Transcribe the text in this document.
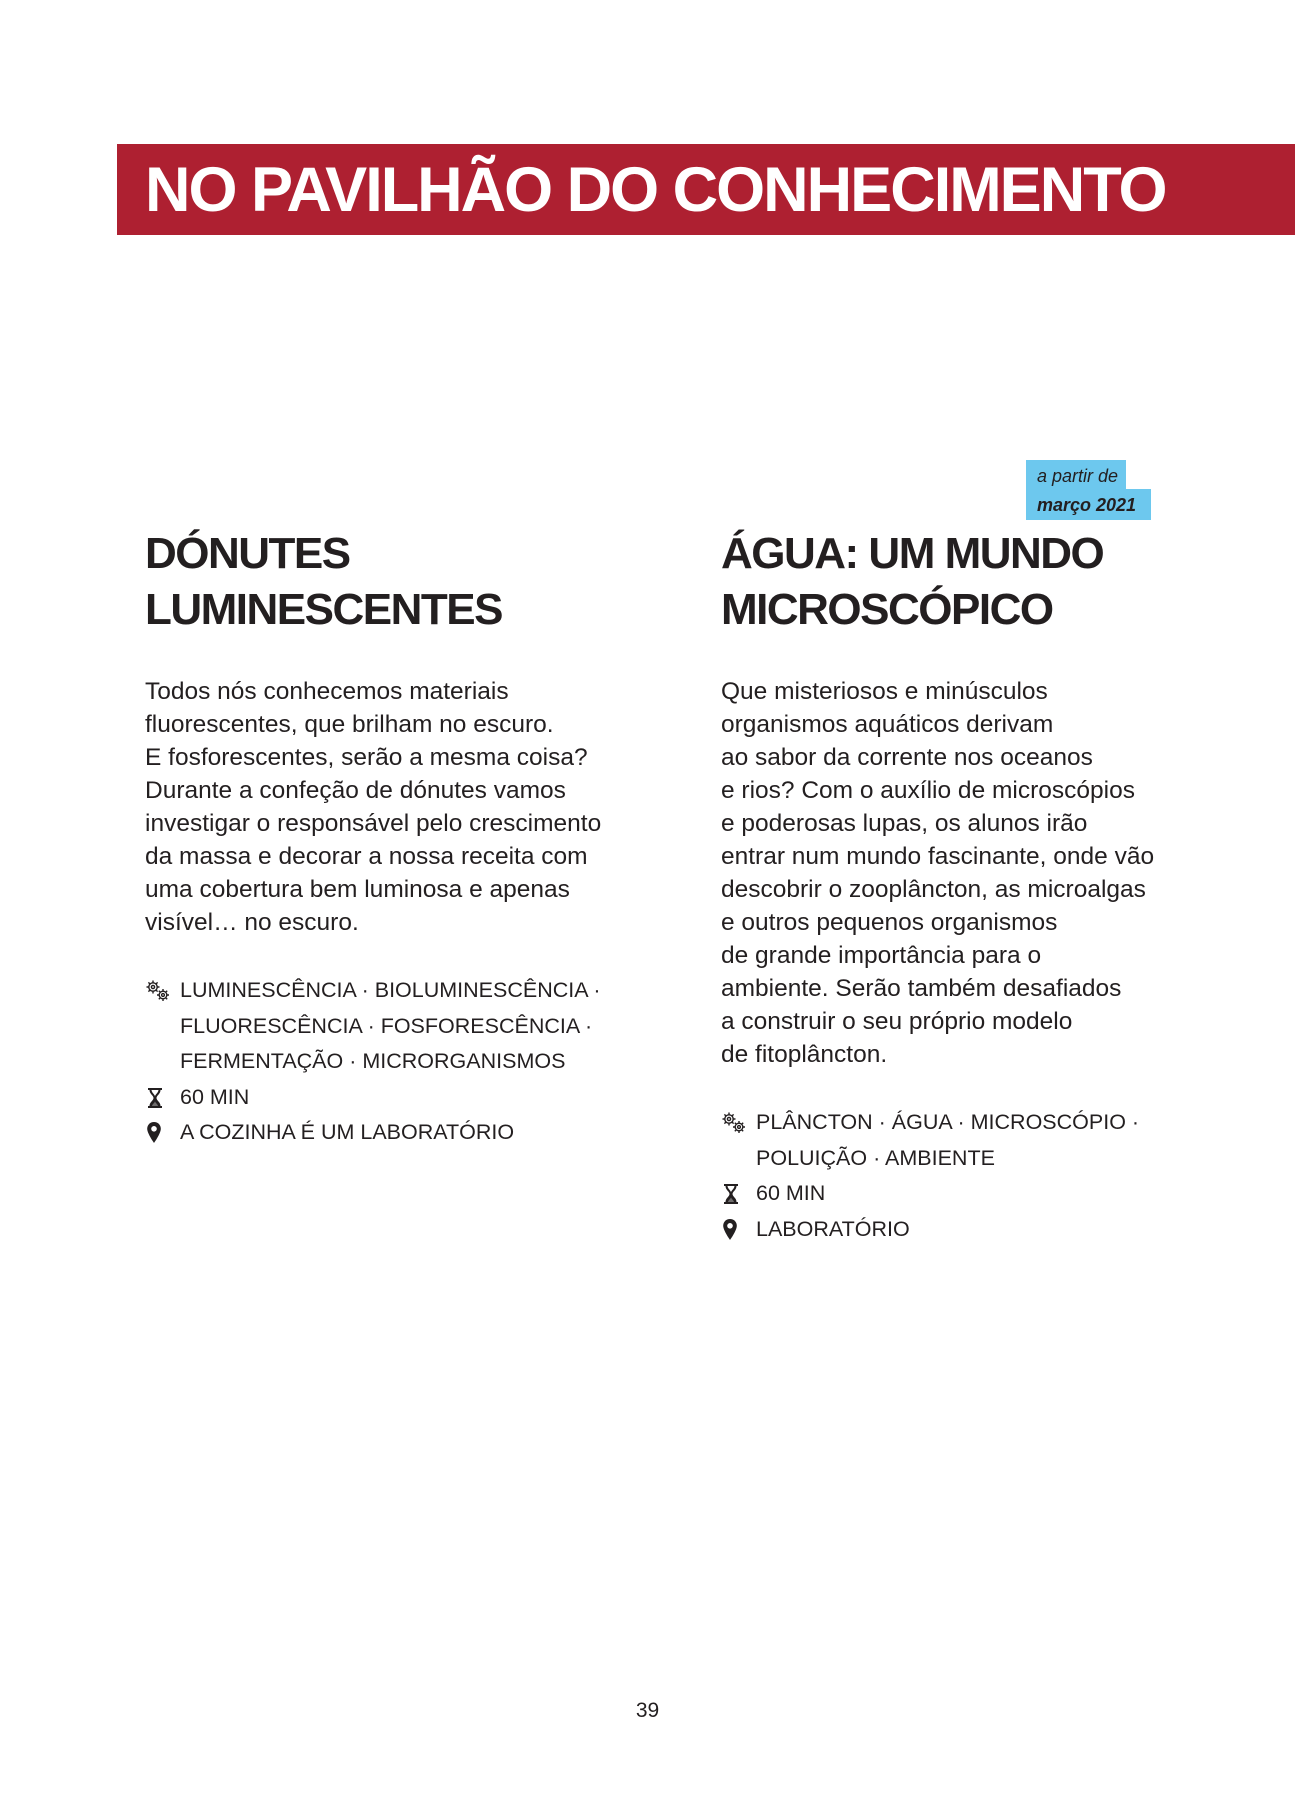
NO PAVILHÃO DO CONHECIMENTO
a partir de
março 2021
DÓNUTES
LUMINESCENTES

Todos nós conhecemos materiais
fluorescentes, que brilham no escuro.
E fosforescentes, serão a mesma coisa?
Durante a confeção de dónutes vamos
investigar o responsável pelo crescimento
da massa e decorar a nossa receita com
uma cobertura bem luminosa e apenas
visível… no escuro.

LUMINESCÊNCIA · BIOLUMINESCÊNCIA ·
FLUORESCÊNCIA · FOSFORESCÊNCIA ·
FERMENTAÇÃO · MICRORGANISMOS
60 MIN
A COZINHA É UM LABORATÓRIO
ÁGUA: UM MUNDO
MICROSCÓPICO

Que misteriosos e minúsculos
organismos aquáticos derivam
ao sabor da corrente nos oceanos
e rios? Com o auxílio de microscópios
e poderosas lupas, os alunos irão
entrar num mundo fascinante, onde vão
descobrir o zooplâncton, as microalgas
e outros pequenos organismos
de grande importância para o
ambiente. Serão também desafiados
a construir o seu próprio modelo
de fitoplâncton.

PLÂNCTON · ÁGUA · MICROSCÓPIO ·
POLUIÇÃO · AMBIENTE
60 MIN
LABORATÓRIO
39
